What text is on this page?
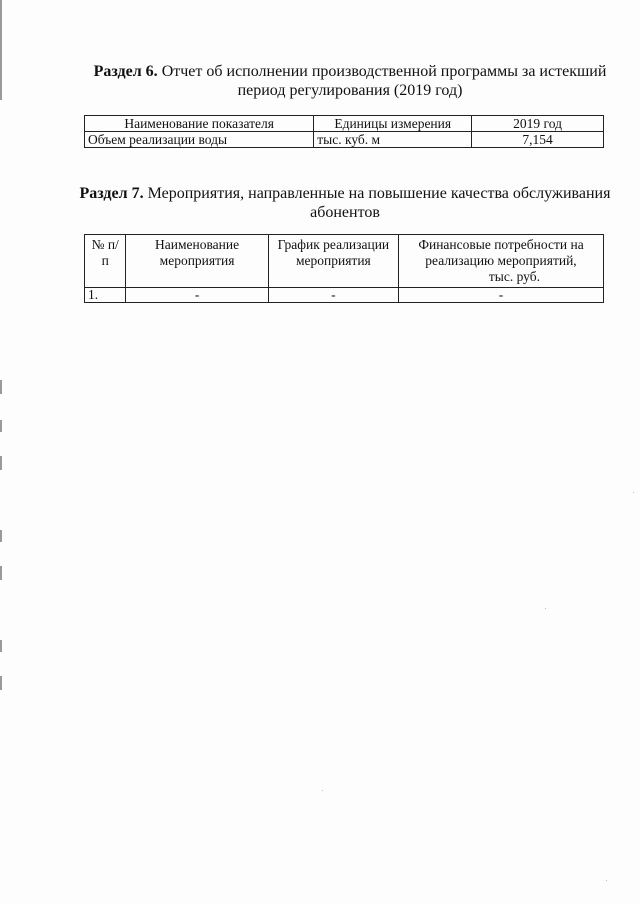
Раздел 6. Отчет об исполнении производственной программы за истекший период регулирования (2019 год)
Наименование показателя	Единицы измерения	2019 год
Объем реализации воды	тыс. куб. м	7,154
Раздел 7. Мероприятия, направленные на повышение качества обслуживания абонентов
№ п/п	Наименование мероприятия	График реализации мероприятия	Финансовые потребности на реализацию мероприятий,
тыс. руб.

1.	-	-	-
